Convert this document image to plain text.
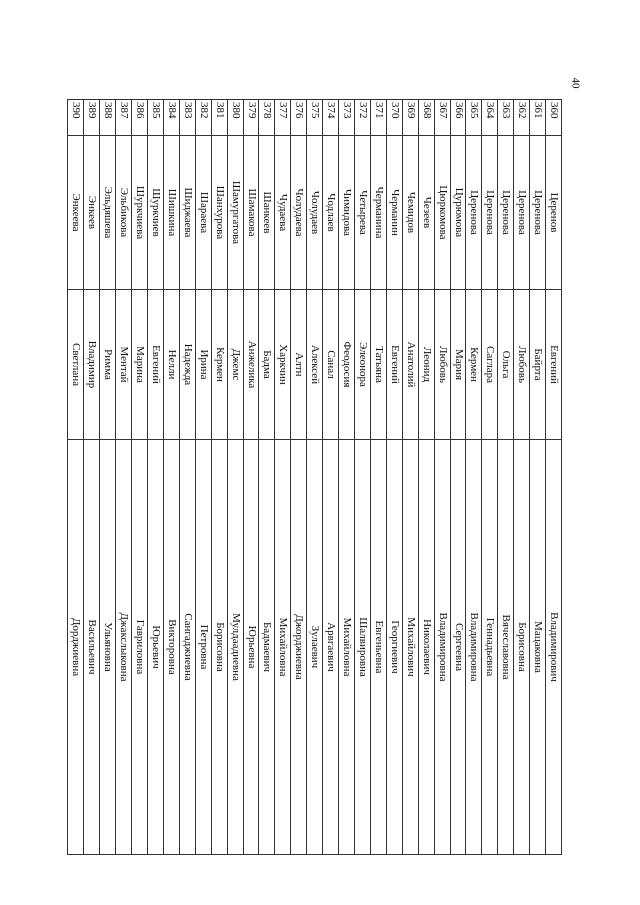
40
360	Церенов	Евгений	Владимирович
361	Церенова	Байрта	Мацаковна
362	Церенова	Любовь	Борисовна
363	Церенова	Ольга	Вячеславовна
364	Церенова	Саглара	Геннадьевна
365	Церенова	Кермен	Владимировна
366	Цурюмова	Мария	Сергеевна
367	Цюркомова	Любовь	Владимировна
368	Чезеев	Леонид	Николаевич
369	Чемидов	Анатолий	Михайлович
370	Черманин	Евгений	Георгиевич
371	Черманина	Татьяна	Евгеньевна
372	Четырева	Элеонора	Шалвировна
373	Чимидова	Феодосия	Михайловна
374	Чодлаев	Санал	Арвгаевич
375	Чолудаев	Алексей	Зулаевич
376	Чолудаева	Алтн	Джорджиевна
377	Чудаева	Харкчин	Михайловна
378	Шанкеев	Бадма	Бадмаевич
379	Шамакова	Анжелика	Юрьевна
380	Шамургатова	Джемс	Мулдаадиевна
381	Шанхурова	Кермен	Борисовна
382	Шараева	Ирина	Петровна
383	Шиджаева	Надежда	Сангаджиевна
384	Шишкина	Нелли	Викторовна
385	Шуркчиев	Евгений	Юрьевич
386	Шуркчиева	Марина	Гавриловна
387	Эльбикова	Ментай	Джакслыковна
388	Эльдяшева	Римма	Ульяновна
389	Энкеев	Владимир	Васильевич
390	Энкеева	Светлана	Дорджиевна
